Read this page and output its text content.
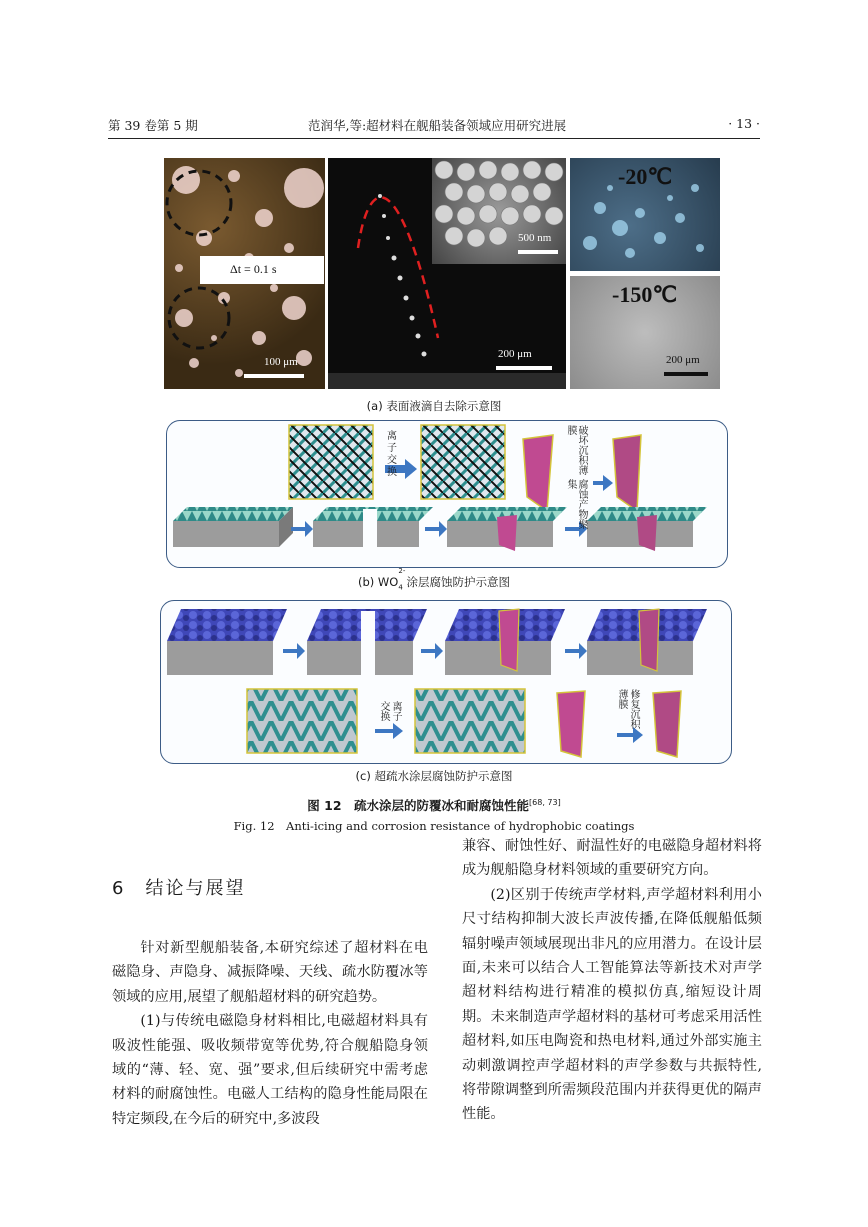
第 39 卷第 5 期	范润华,等:超材料在舰船装备领域应用研究进展	· 13 ·
Δt = 0.1 s
100 μm
500 nm
200 μm
-20℃
-150℃
200 μm
(a) 表面液滴自去除示意图
离子交换	破坏沉积薄膜
腐蚀产物聚集
(b) WO
2-
$_4$ 涂层腐蚀防护示意图
离子交换	修复沉积薄膜
(c) 超疏水涂层腐蚀防护示意图
图 12　疏水涂层的防覆冰和耐腐蚀性能[68, 73]
Fig. 12　Anti-icing and corrosion resistance of hydrophobic coatings
6　结论与展望

针对新型舰船装备,本研究综述了超材料在电磁隐身、声隐身、减振降噪、天线、疏水防覆冰等领域的应用,展望了舰船超材料的研究趋势。

(1)与传统电磁隐身材料相比,电磁超材料具有吸波性能强、吸收频带宽等优势,符合舰船隐身领域的“薄、轻、宽、强”要求,但后续研究中需考虑材料的耐腐蚀性。电磁人工结构的隐身性能局限在特定频段,在今后的研究中,多波段

兼容、耐蚀性好、耐温性好的电磁隐身超材料将成为舰船隐身材料领域的重要研究方向。

(2)区别于传统声学材料,声学超材料利用小尺寸结构抑制大波长声波传播,在降低舰船低频辐射噪声领域展现出非凡的应用潜力。在设计层面,未来可以结合人工智能算法等新技术对声学超材料结构进行精准的模拟仿真,缩短设计周期。未来制造声学超材料的基材可考虑采用活性超材料,如压电陶瓷和热电材料,通过外部实施主动刺激调控声学超材料的声学参数与共振特性,将带隙调整到所需频段范围内并获得更优的隔声性能。
